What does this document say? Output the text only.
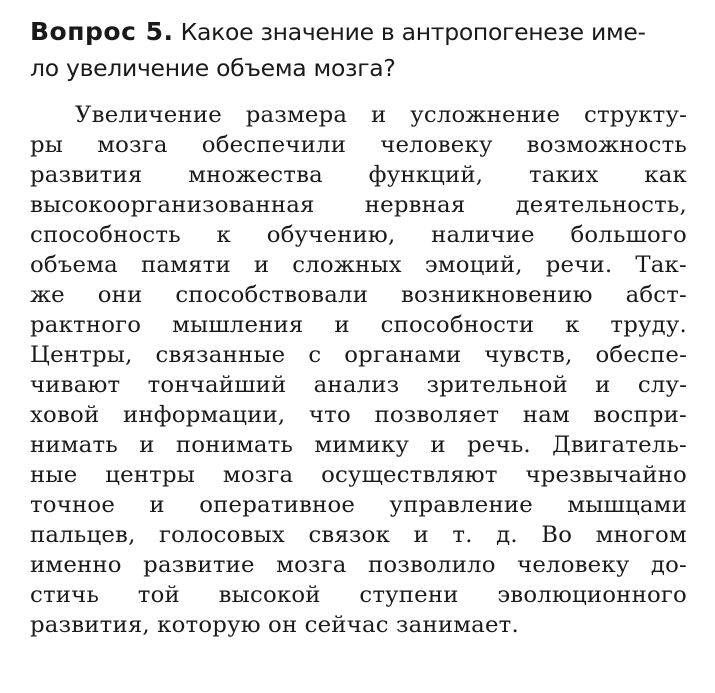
Вопрос 5. Какое значение в антропогенезе име-
ло увеличение объема мозга?
Увеличение размера и усложнение структу-
ры мозга обеспечили человеку возможность
развития множества функций, таких как
высокоорганизованная нервная деятельность,
способность к обучению, наличие большого
объема памяти и сложных эмоций, речи. Так-
же они способствовали возникновению абст-
рактного мышления и способности к труду.
Центры, связанные с органами чувств, обеспе-
чивают тончайший анализ зрительной и слу-
ховой информации, что позволяет нам воспри-
нимать и понимать мимику и речь. Двигатель-
ные центры мозга осуществляют чрезвычайно
точное и оперативное управление мышцами
пальцев, голосовых связок и т. д. Во многом
именно развитие мозга позволило человеку до-
стичь той высокой ступени эволюционного
развития, которую он сейчас занимает.
